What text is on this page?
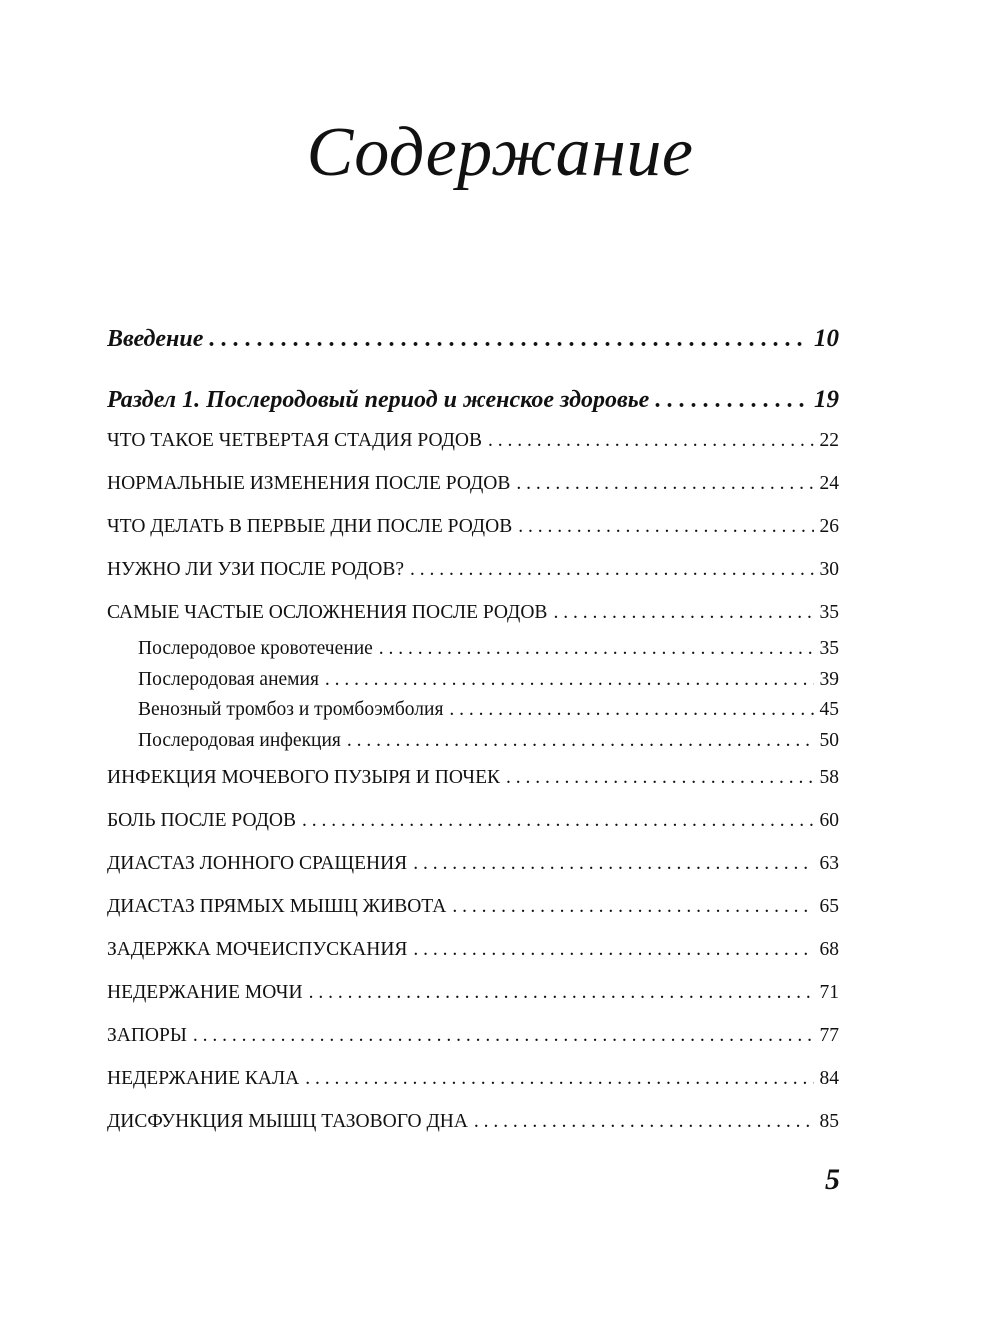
Содержание
Введение . . .	10
Раздел 1. Послеродовый период и женское здоровье . . .	19
ЧТО ТАКОЕ ЧЕТВЕРТАЯ СТАДИЯ РОДОВ . . .	22
НОРМАЛЬНЫЕ ИЗМЕНЕНИЯ ПОСЛЕ РОДОВ . . .	24
ЧТО ДЕЛАТЬ В ПЕРВЫЕ ДНИ ПОСЛЕ РОДОВ . . .	26
НУЖНО ЛИ УЗИ ПОСЛЕ РОДОВ? . . .	30
САМЫЕ ЧАСТЫЕ ОСЛОЖНЕНИЯ ПОСЛЕ РОДОВ . . .	35
Послеродовое кровотечение . . .	35
Послеродовая анемия . . .	39
Венозный тромбоз и тромбоэмболия . . .	45
Послеродовая инфекция . . .	50
ИНФЕКЦИЯ МОЧЕВОГО ПУЗЫРЯ И ПОЧЕК . . .	58
БОЛЬ ПОСЛЕ РОДОВ . . .	60
ДИАСТАЗ ЛОННОГО СРАЩЕНИЯ . . .	63
ДИАСТАЗ ПРЯМЫХ МЫШЦ ЖИВОТА . . .	65
ЗАДЕРЖКА МОЧЕИСПУСКАНИЯ . . .	68
НЕДЕРЖАНИЕ МОЧИ . . .	71
ЗАПОРЫ . . .	77
НЕДЕРЖАНИЕ КАЛА . . .	84
ДИСФУНКЦИЯ МЫШЦ ТАЗОВОГО ДНА . . .	85
5
